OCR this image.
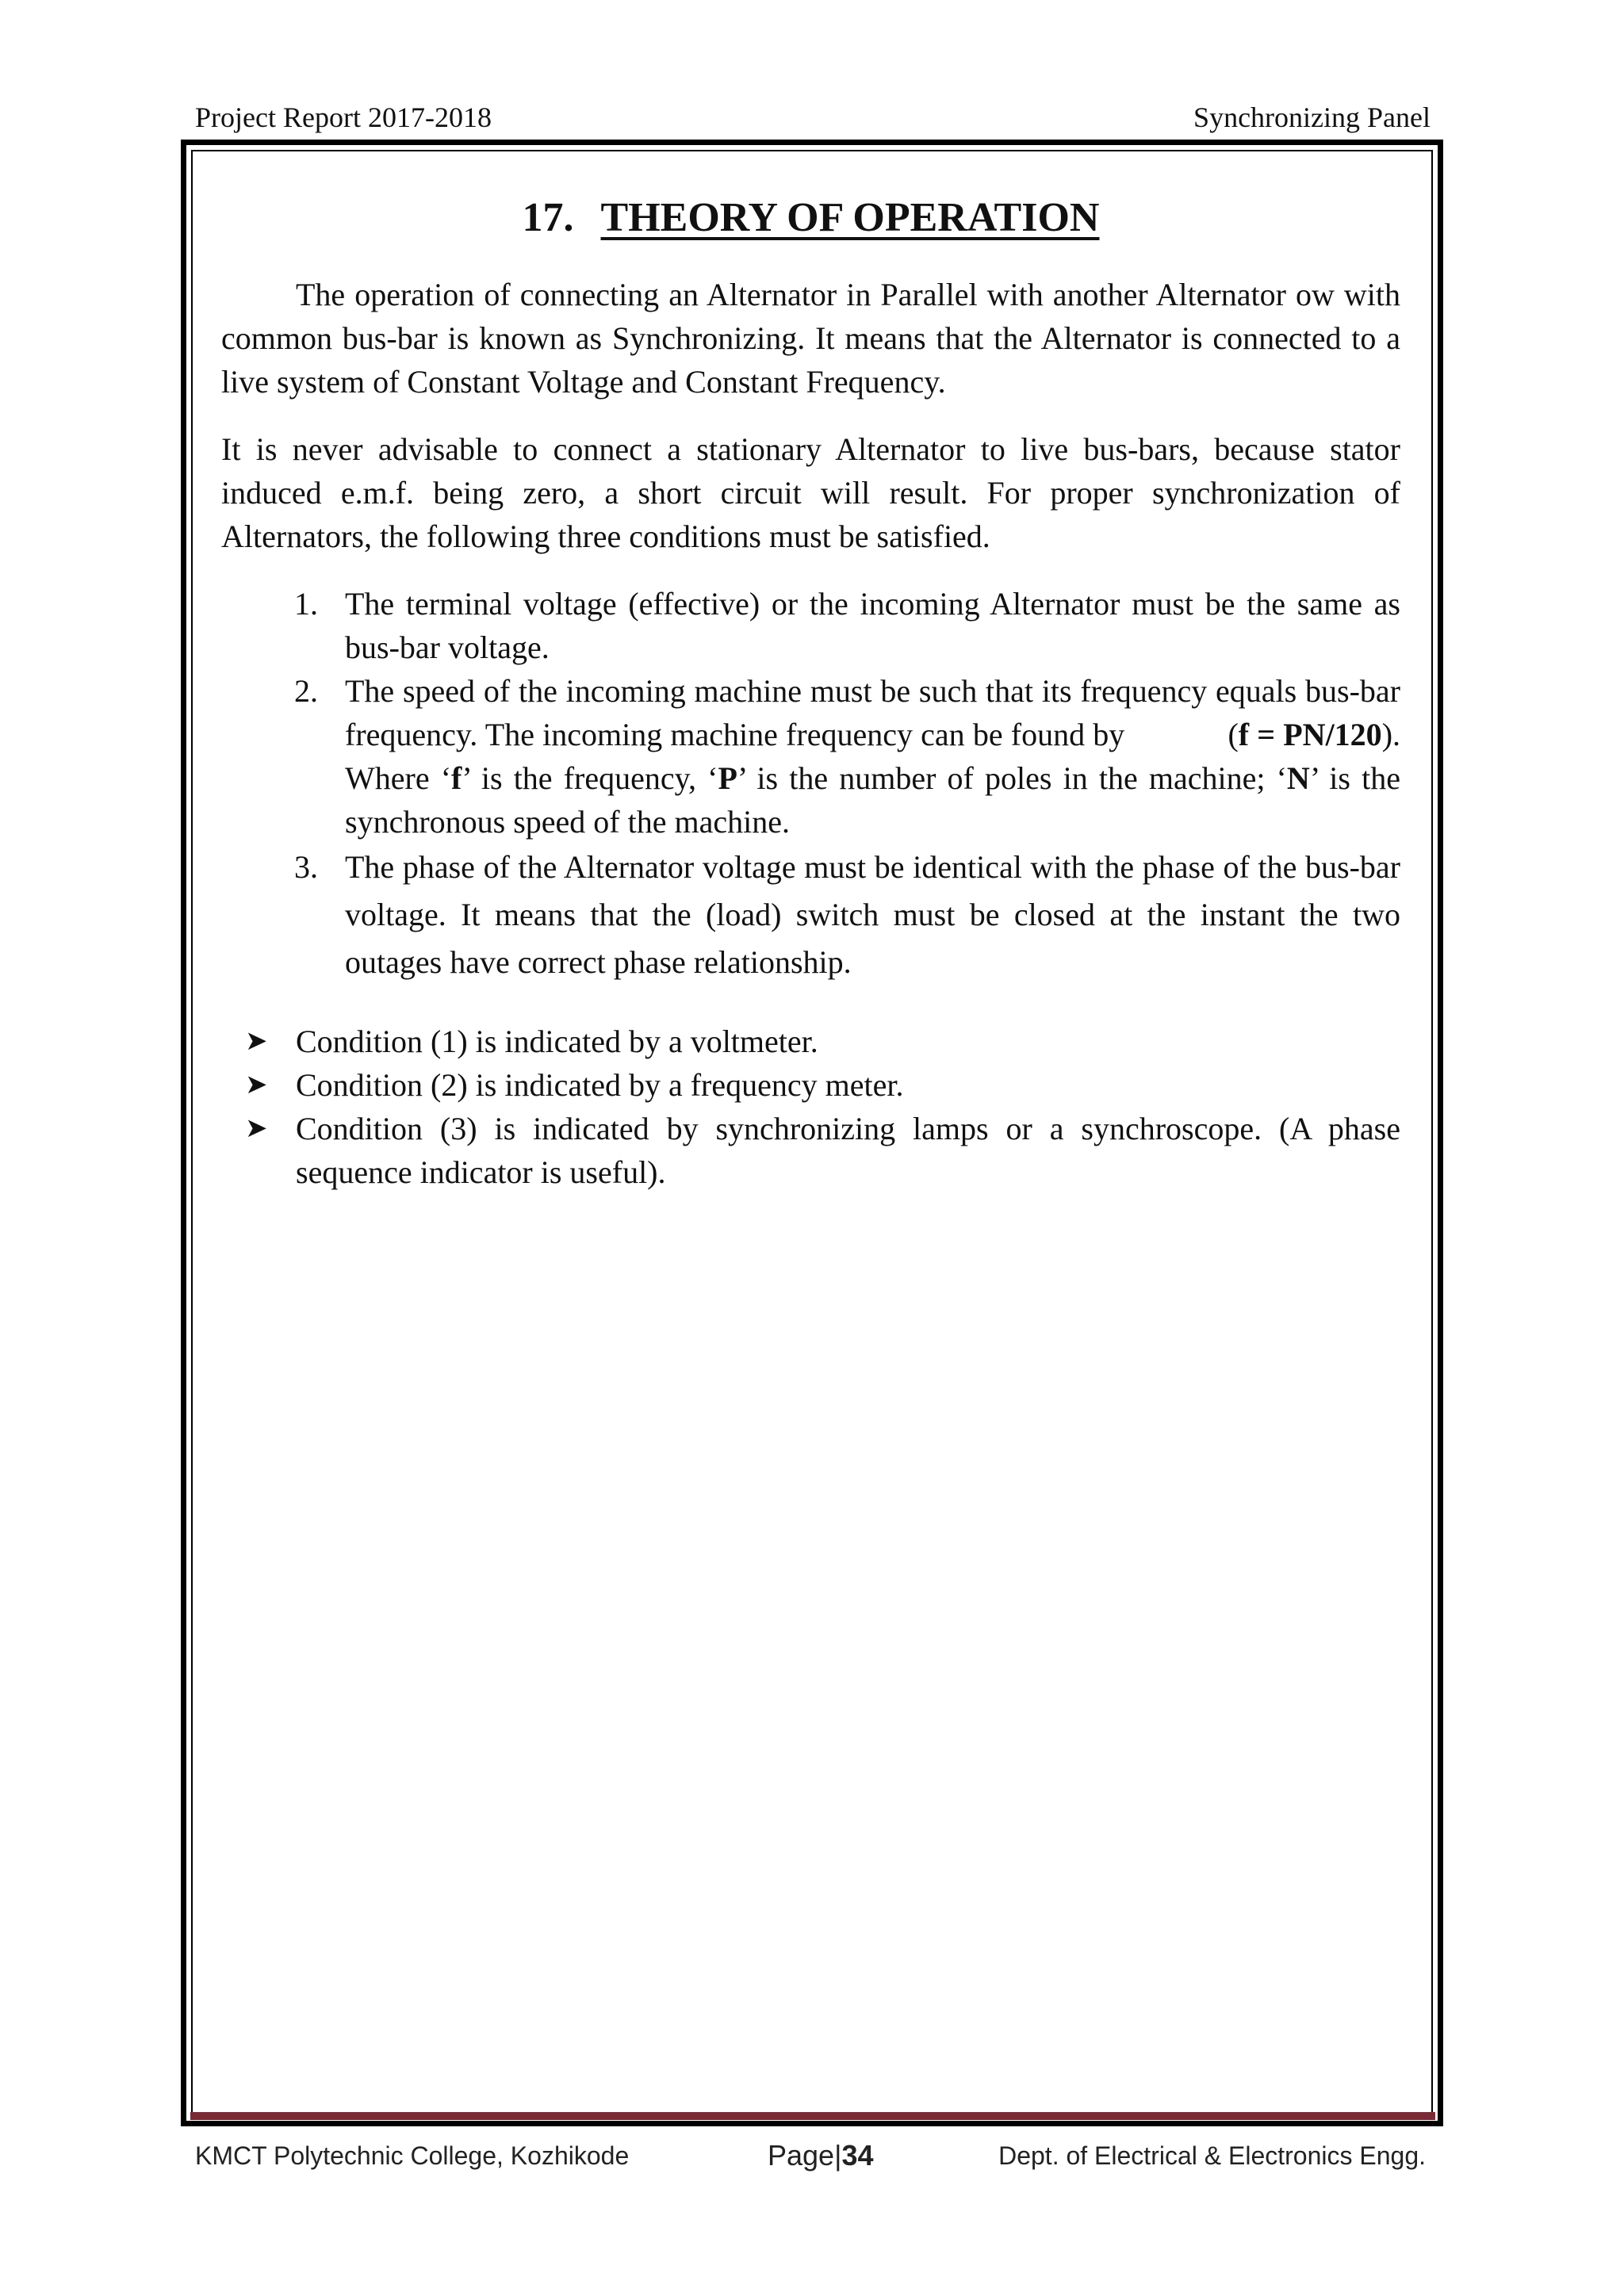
Project Report 2017-2018	Synchronizing Panel
17. THEORY OF OPERATION

The operation of connecting an Alternator in Parallel with another Alternator ow with common bus-bar is known as Synchronizing. It means that the Alternator is connected to a live system of Constant Voltage and Constant Frequency.

It is never advisable to connect a stationary Alternator to live bus-bars, because stator induced e.m.f. being zero, a short circuit will result. For proper synchronization of Alternators, the following three conditions must be satisfied.

1. The terminal voltage (effective) or the incoming Alternator must be the same as bus-bar voltage.
2. The speed of the incoming machine must be such that its frequency equals bus-bar frequency. The incoming machine frequency can be found by	(f = PN/120). Where ‘f’ is the frequency, ‘P’ is the number of poles in the machine; ‘N’ is the synchronous speed of the machine.
3. The phase of the Alternator voltage must be identical with the phase of the bus-bar voltage. It means that the (load) switch must be closed at the instant the two outages have correct phase relationship.
➤ Condition (1) is indicated by a voltmeter.
➤ Condition (2) is indicated by a frequency meter.
➤ Condition (3) is indicated by synchronizing lamps or a synchroscope. (A phase sequence indicator is useful).
KMCT Polytechnic College, Kozhikode	Page|34	Dept. of Electrical & Electronics Engg.
